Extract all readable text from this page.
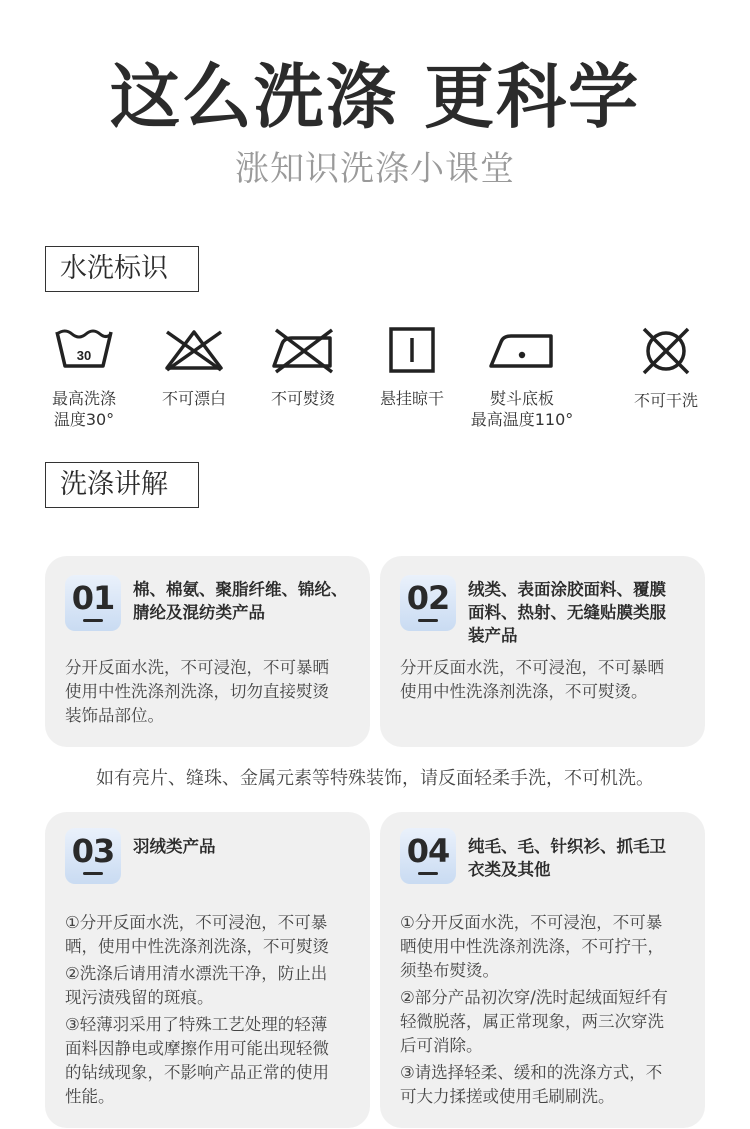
这么洗涤 更科学
涨知识洗涤小课堂
水洗标识
30
最高洗涤
温度30°
不可漂白	不可熨烫	悬挂晾干	熨斗底板
最高温度110°
不可干洗
洗涤讲解
01	棉、棉氨、聚脂纤维、锦纶、
腈纶及混纺类产品
分开反面水洗，不可浸泡，不可暴晒
使用中性洗涤剂洗涤，切勿直接熨烫
装饰品部位。
02	绒类、表面涂胶面料、覆膜
面料、热射、无缝贴膜类服
装产品
分开反面水洗，不可浸泡，不可暴晒
使用中性洗涤剂洗涤，不可熨烫。
如有亮片、缝珠、金属元素等特殊装饰，请反面轻柔手洗，不可机洗。
03	羽绒类产品
①分开反面水洗，不可浸泡，不可暴
晒，使用中性洗涤剂洗涤，不可熨烫
②洗涤后请用清水漂洗干净，防止出
现污渍残留的斑痕。
③轻薄羽采用了特殊工艺处理的轻薄
面料因静电或摩擦作用可能出现轻微
的钻绒现象，不影响产品正常的使用
性能。
04	纯毛、毛、针织衫、抓毛卫
衣类及其他
①分开反面水洗，不可浸泡，不可暴
晒使用中性洗涤剂洗涤，不可拧干，
须垫布熨烫。
②部分产品初次穿/洗时起绒面短纤有
轻微脱落，属正常现象，两三次穿洗
后可消除。
③请选择轻柔、缓和的洗涤方式，不
可大力揉搓或使用毛刷刷洗。
